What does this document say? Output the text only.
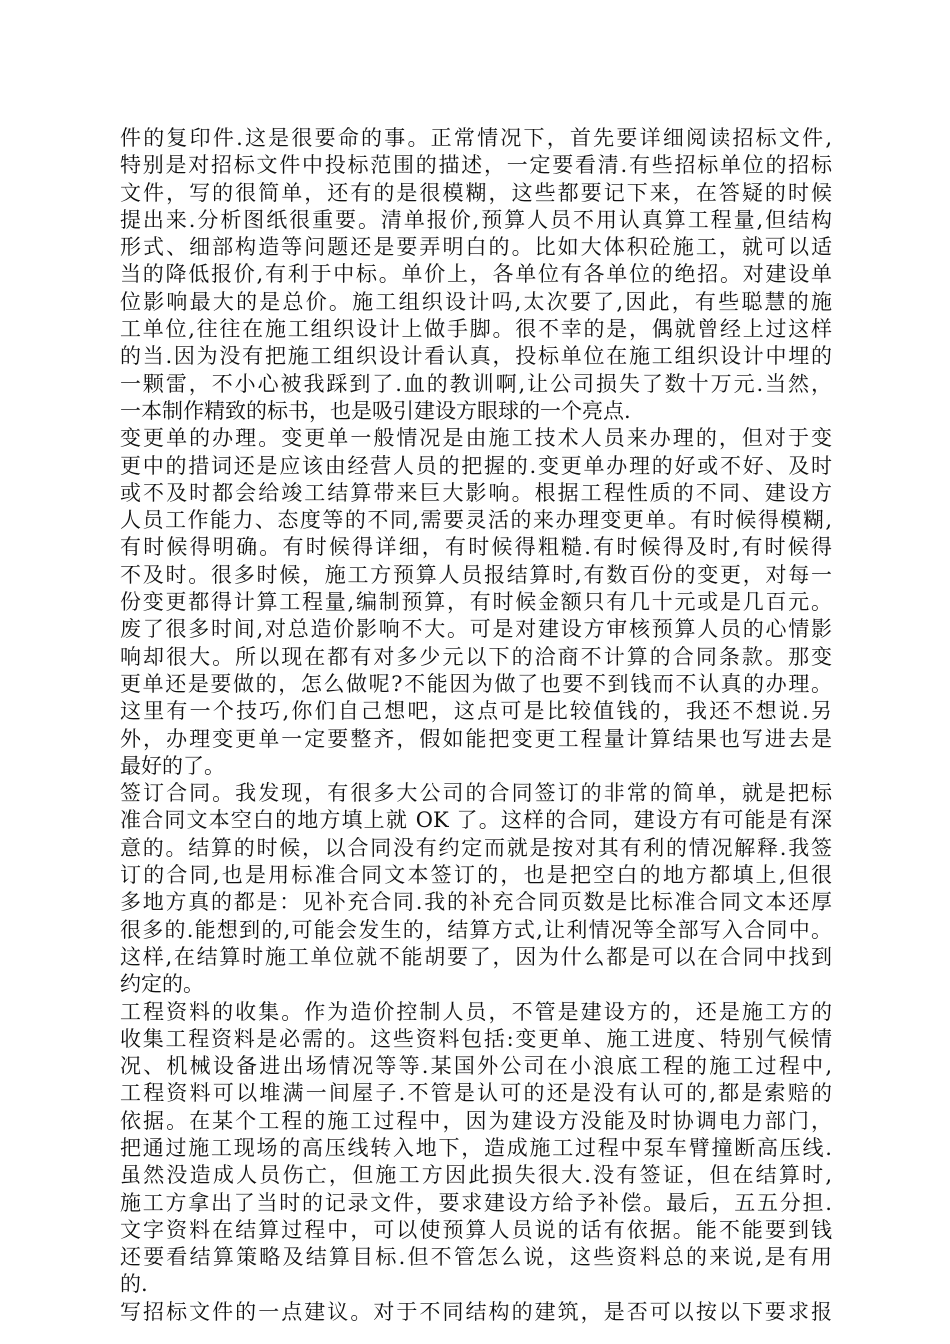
件的复印件.这是很要命的事。正常情况下，首先要详细阅读招标文件,
特别是对招标文件中投标范围的描述，一定要看清.有些招标单位的招标
文件，写的很简单，还有的是很模糊，这些都要记下来，在答疑的时候
提出来.分析图纸很重要。清单报价,预算人员不用认真算工程量,但结构
形式、细部构造等问题还是要弄明白的。比如大体积砼施工，就可以适
当的降低报价,有利于中标。单价上，各单位有各单位的绝招。对建设单
位影响最大的是总价。施工组织设计吗,太次要了,因此，有些聪慧的施
工单位,往往在施工组织设计上做手脚。很不幸的是，偶就曾经上过这样
的当.因为没有把施工组织设计看认真，投标单位在施工组织设计中埋的
一颗雷，不小心被我踩到了.血的教训啊,让公司损失了数十万元.当然，
一本制作精致的标书，也是吸引建设方眼球的一个亮点.
变更单的办理。变更单一般情况是由施工技术人员来办理的，但对于变
更中的措词还是应该由经营人员的把握的.变更单办理的好或不好、及时
或不及时都会给竣工结算带来巨大影响。根据工程性质的不同、建设方
人员工作能力、态度等的不同,需要灵活的来办理变更单。有时候得模糊,
有时候得明确。有时候得详细，有时候得粗糙.有时候得及时,有时候得
不及时。很多时候，施工方预算人员报结算时,有数百份的变更，对每一
份变更都得计算工程量,编制预算，有时候金额只有几十元或是几百元。
废了很多时间,对总造价影响不大。可是对建设方审核预算人员的心情影
响却很大。所以现在都有对多少元以下的洽商不计算的合同条款。那变
更单还是要做的，怎么做呢?不能因为做了也要不到钱而不认真的办理。
这里有一个技巧,你们自己想吧，这点可是比较值钱的，我还不想说.另
外，办理变更单一定要整齐，假如能把变更工程量计算结果也写进去是
最好的了。
签订合同。我发现，有很多大公司的合同签订的非常的简单，就是把标
准合同文本空白的地方填上就 OK 了。这样的合同，建设方有可能是有深
意的。结算的时候，以合同没有约定而就是按对其有利的情况解释.我签
订的合同,也是用标准合同文本签订的，也是把空白的地方都填上,但很
多地方真的都是：见补充合同.我的补充合同页数是比标准合同文本还厚
很多的.能想到的,可能会发生的，结算方式,让利情况等全部写入合同中。
这样,在结算时施工单位就不能胡要了，因为什么都是可以在合同中找到
约定的。
工程资料的收集。作为造价控制人员，不管是建设方的，还是施工方的
收集工程资料是必需的。这些资料包括:变更单、施工进度、特别气候情
况、机械设备进出场情况等等.某国外公司在小浪底工程的施工过程中,
工程资料可以堆满一间屋子.不管是认可的还是没有认可的,都是索赔的
依据。在某个工程的施工过程中，因为建设方没能及时协调电力部门，
把通过施工现场的高压线转入地下，造成施工过程中泵车臂撞断高压线.
虽然没造成人员伤亡，但施工方因此损失很大.没有签证，但在结算时,
施工方拿出了当时的记录文件，要求建设方给予补偿。最后，五五分担.
文字资料在结算过程中，可以使预算人员说的话有依据。能不能要到钱
还要看结算策略及结算目标.但不管怎么说，这些资料总的来说,是有用
的.
写招标文件的一点建议。对于不同结构的建筑，是否可以按以下要求报
